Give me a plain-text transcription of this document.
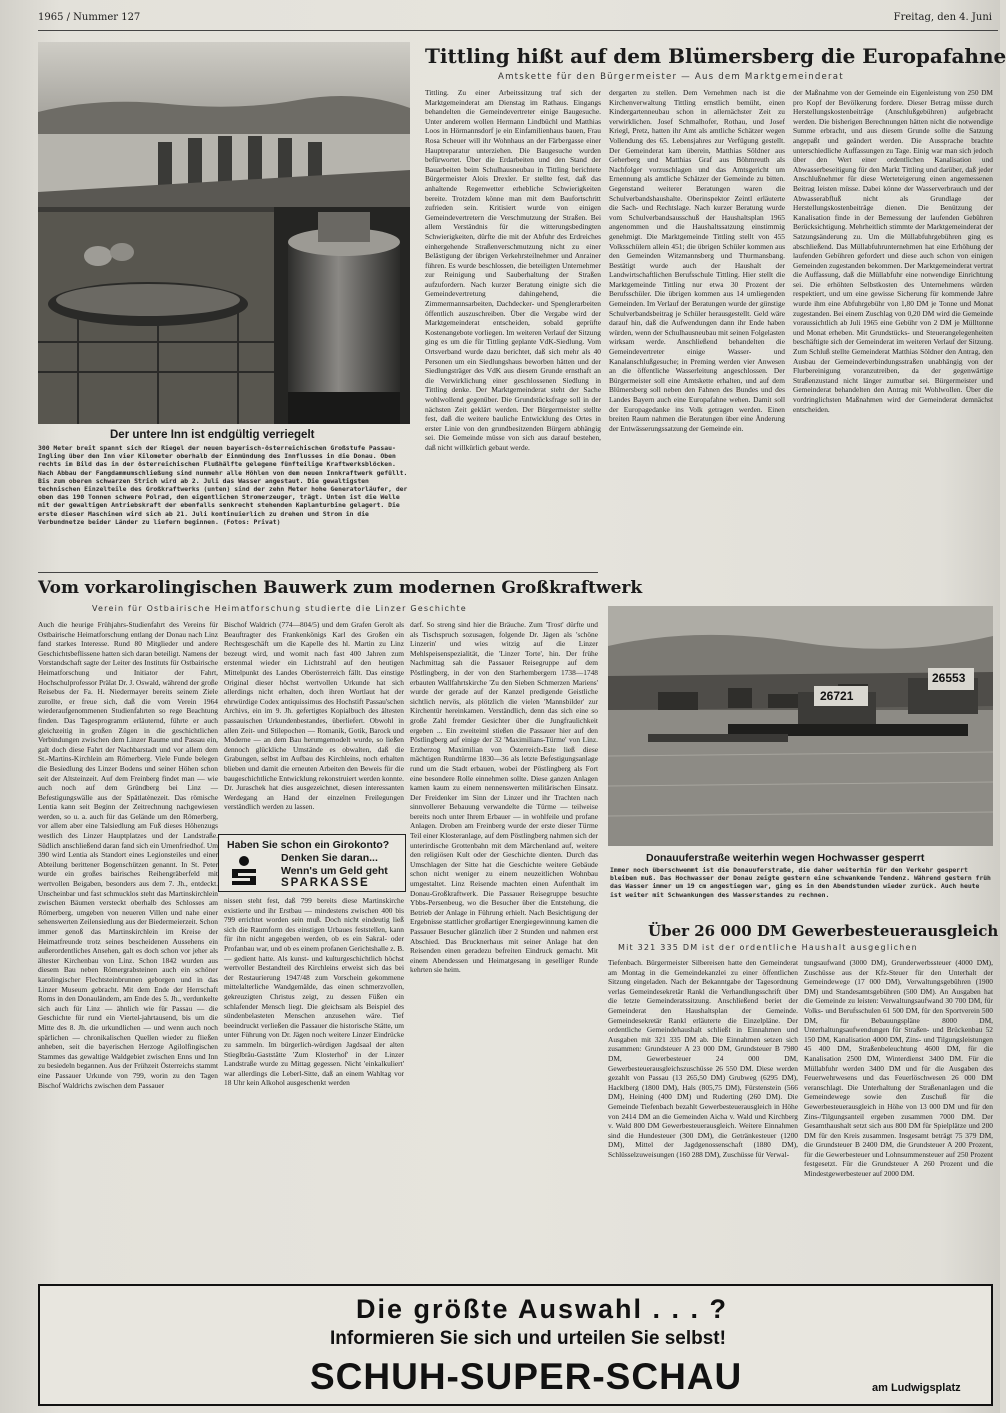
1965 / Nummer 127	Freitag, den 4. Juni
Der untere Inn ist endgültig verriegelt
300 Meter breit spannt sich der Riegel der neuen bayerisch-österreichischen Großstufe Passau-Ingling über den Inn vier Kilometer oberhalb der Einmündung des Innflusses in die Donau. Oben rechts im Bild das in der österreichischen Flußhälfte gelegene fünfteilige Kraftwerksblöcken. Nach Abbau der Fangdammumschließung sind nunmehr alle Höhlen von dem neuen Innkraftwerk gefüllt. Bis zum oberen schwarzen Strich wird ab 2. Juli das Wasser angestaut. Die gewaltigsten technischen Einzelteile des Großkraftwerks (unten) sind der zehn Meter hohe Generatorläufer, der oben das 190 Tonnen schwere Polrad, den eigentlichen Stromerzeuger, trägt. Unten ist die Welle mit der gewaltigen Antriebskraft der ebenfalls senkrecht stehenden Kaplanturbine gelagert. Die erste dieser Maschinen wird sich ab 21. Juli kontinuierlich zu drehen und Strom in die Verbundnetze beider Länder zu liefern beginnen. (Fotos: Privat)
Tittling hißt auf dem Blümersberg die Europafahne
Amtskette für den Bürgermeister — Aus dem Marktgemeinderat
Tittling. Zu einer Arbeitssitzung traf sich der Marktgemeinderat am Dienstag im Rathaus. Eingangs behandelten die Gemeindevertreter einige Baugesuche. Unter anderem wollen Hermann Lindbüchl und Matthias Loos in Hörmannsdorf je ein Einfamilienhaus bauen, Frau Rosa Scheuer will ihr Wohnhaus an der Färbergasse einer Hauptreparatur unterziehen. Die Baugesuche wurden befürwortet. Über die Erdarbeiten und den Stand der Bauarbeiten beim Schulhausneubau in Tittling berichtete Bürgermeister Alois Drexler. Er stellte fest, daß das anhaltende Regenwetter erhebliche Schwierigkeiten bereite. Trotzdem könne man mit dem Baufortschritt zufrieden sein. Kritisiert wurde von einigen Gemeindevertretern die Verschmutzung der Straßen. Bei allem Verständnis für die witterungsbedingten Schwierigkeiten, dürfte die mit der Abfuhr des Erdreiches einhergehende Straßenverschmutzung nicht zu einer Belästigung der übrigen Verkehrsteilnehmer und Anrainer führen. Es wurde beschlossen, die beteiligten Unternehmer zur Reinigung und Sauberhaltung der Straßen aufzufordern. Nach kurzer Beratung einigte sich die Gemeindevertretung dahingehend, die Zimmermannsarbeiten, Dachdecker- und Spenglerarbeiten öffentlich auszuschreiben. Über die Vergabe wird der Marktgemeinderat entscheiden, sobald geprüfte Kostenangebote vorliegen. Im weiteren Verlauf der Sitzung ging es um die für Tittling geplante VdK-Siedlung. Vom Ortsverband wurde dazu berichtet, daß sich mehr als 40 Personen um ein Siedlungshaus beworben hätten und der Siedlungsträger des VdK aus diesem Grunde ernsthaft an die Verwirklichung einer geschlossenen Siedlung in Tittling denke. Der Marktgemeinderat steht der Sache wohlwollend gegenüber. Die Grundstücksfrage soll in der nächsten Zeit geklärt werden. Der Bürgermeister stellte fest, daß die weitere bauliche Entwicklung des Ortes in erster Linie von den grundbesitzenden Bürgern abhängig sei. Die Gemeinde müsse von sich aus darauf bestehen, daß nicht willkürlich gebaut werde.
dergarten zu stellen. Dem Vernehmen nach ist die Kirchenverwaltung Tittling ernstlich bemüht, einen Kindergartenneubau schon in allernächster Zeit zu verwirklichen. Josef Schmalhofer, Rothau, und Josef Kriegl, Pretz, hatten ihr Amt als amtliche Schätzer wegen Vollendung des 65. Lebensjahres zur Verfügung gestellt. Der Gemeinderat kam überein, Matthias Söldner aus Geherberg und Matthias Graf aus Böhmreuth als Nachfolger vorzuschlagen und das Amtsgericht um Ernennung als amtliche Schätzer der Gemeinde zu bitten. Gegenstand weiterer Beratungen waren die Schulverbandshaushalte. Oberinspektor Zeintl erläuterte die Sach- und Rechtslage. Nach kurzer Beratung wurde vom Schulverbandsausschuß der Haushaltsplan 1965 angenommen und die Haushaltssatzung einstimmig genehmigt. Die Marktgemeinde Tittling stellt von 455 Volksschülern allein 451; die übrigen Schüler kommen aus den Gemeinden Witzmannsberg und Thurmansbang. Bestätigt wurde auch der Haushalt der Landwirtschaftlichen Berufsschule Tittling. Hier stellt die Marktgemeinde Tittling nur etwa 30 Prozent der Berufsschüler. Die übrigen kommen aus 14 umliegenden Gemeinden. Im Verlauf der Beratungen wurde der günstige Schulverbandsbeitrag je Schüler herausgestellt. Geld wäre darauf hin, daß die Aufwendungen dann ihr Ende haben würden, wenn der Schulhausneubau mit seinen Folgelasten wirksam werde. Anschließend behandelten die Gemeindevertreter einige Wasser- und Kanalanschlußgesuche; in Preming werden vier Anwesen an die öffentliche Wasserleitung angeschlossen. Der Bürgermeister soll eine Amtskette erhalten, und auf dem Blümersberg soll neben den Fahnen des Bundes und des Landes Bayern auch eine Europafahne wehen. Damit soll der Europagedanke ins Volk getragen werden. Einen breiten Raum nahmen die Beratungen über eine Änderung der Entwässerungssatzung der Gemeinde ein.
der Maßnahme von der Gemeinde ein Eigenleistung von 250 DM pro Kopf der Bevölkerung fordere. Dieser Betrag müsse durch Herstellungskostenbeiträge (Anschlußgebühren) aufgebracht werden. Die bisherigen Berechnungen hätten nicht die notwendige Summe erbracht, und aus diesem Grunde sollte die Satzung angepaßt und geändert werden. Die Aussprache brachte unterschiedliche Auffassungen zu Tage. Einig war man sich jedoch über den Wert einer ordentlichen Kanalisation und Abwasserbeseitigung für den Markt Tittling und darüber, daß jeder Anschlußnehmer für diese Werteteigerung einen angemessenen Beitrag leisten müsse. Dabei könne der Wasserverbrauch und der Abwasserabfluß nicht als Grundlage der Herstellungskostenbeiträge dienen. Die Benützung der Kanalisation finde in der Bemessung der laufenden Gebühren Berücksichtigung. Mehrheitlich stimmte der Marktgemeinderat der Satzungsänderung zu. Um die Müllabfuhrgebühren ging es abschließend. Das Müllabfuhrunternehmen hat eine Erhöhung der laufenden Gebühren gefordert und diese auch schon von einigen Gemeinden zugestanden bekommen. Der Marktgemeinderat vertrat die Auffassung, daß die Müllabfuhr eine notwendige Einrichtung sei. Die erhöhten Selbstkosten des Unternehmens würden respektiert, und um eine gewisse Sicherung für kommende Jahre wurde ihm eine Abfuhrgebühr von 1,80 DM je Tonne und Monat zugestanden. Bei einem Zuschlag von 0,20 DM wird die Gemeinde voraussichtlich ab Juli 1965 eine Gebühr von 2 DM je Mülltonne und Monat erheben. Mit Grundstücks- und Steuerangelegenheiten beschäftigte sich der Gemeinderat im weiteren Verlauf der Sitzung. Zum Schluß stellte Gemeinderat Matthias Söldner den Antrag, den Ausbau der Gemeindeverbindungsstraßen unabhängig von der Flurbereinigung voranzutreiben, da der gegenwärtige Straßenzustand nicht länger zumutbar sei. Bürgermeister und Gemeinderat behandelten den Antrag mit Wohlwollen. Über die vordringlichsten Maßnahmen wird der Gemeinderat demnächst entscheiden.
Vom vorkarolingischen Bauwerk zum modernen Großkraftwerk
Verein für Ostbairische Heimatforschung studierte die Linzer Geschichte
Auch die heurige Frühjahrs-Studienfahrt des Vereins für Ostbairische Heimatforschung entlang der Donau nach Linz fand starkes Interesse. Rund 80 Mitglieder und andere Geschichtsbeflissene hatten sich daran beteiligt. Namens der Vorstandschaft sagte der Leiter des Instituts für Ostbairische Heimatforschung und Initiator der Fahrt, Hochschulprofessor Prälat Dr. J. Oswald, während der große Reisebus der Fa. H. Niedermayer bereits seinem Ziele zurollte, er freue sich, daß die vom Verein 1964 wiederaufgenommenen Studienfahrten so rege Beachtung finden. Das Tagesprogramm erläuternd, führte er auch gleichzeitig in großen Zügen in die geschichtlichen Verbindungen zwischen dem Linzer Raume und Passau ein, galt doch diese Fahrt der Nachbarstadt und vor allem dem St.-Martins-Kirchlein am Römerberg. Viele Funde belegen die Besiedlung des Linzer Bodens und seiner Höhen schon seit der Altsteinzeit. Auf dem Freinberg findet man — wie auch noch auf dem Gründberg bei Linz — Befestigungswälle aus der Spätlatènezeit. Das römische Lentia kann seit Beginn der Zeitrechnung nachgewiesen werden, so u. a. auch für das Gelände um den Römerberg, vor allem aber eine Talsiedlung am Fuß dieses Höhenzugs westlich des Linzer Hauptplatzes und der Landstraße. Südlich anschließend daran fand sich ein Urnenfriedhof. Um 390 wird Lentia als Standort eines Legionsteiles und einer Abteilung berittener Bogenschützen genannt. In St. Peter wurde ein großes bairisches Reihengräberfeld mit wertvollen Beigaben, besonders aus dem 7. Jh., entdeckt. Unscheinbar und fast schmucklos steht das Martinskirchlein zwischen Bäumen versteckt oberhalb des Schlosses am Römerberg, umgeben von neueren Villen und nahe einer sehenswerten Zeilensiedlung aus der Biedermeierzeit. Schon immer genoß das Martinskirchlein im Kreise der Heimatfreunde trotz seines bescheidenen Aussehens ein außerordentliches Ansehen, galt es doch schon vor jeher als ältester Kirchenbau von Linz. Schon 1842 wurden aus diesem Bau neben Römergrabsteinen auch ein schöner karolingischer Flechtsteinbrunnen geborgen und in das Linzer Museum gebracht. Mit dem Ende der Herrschaft Roms in den Donauländern, am Ende des 5. Jh., verdunkelte sich auch für Linz — ähnlich wie für Passau — die Geschichte für rund ein Viertel-jahrtausend, bis um die Mitte des 8. Jh. die urkundlichen — und wenn auch noch spärlichen — chronikalischen Quellen wieder zu fließen anheben, seit die bayerischen Herzoge Agilolfingischen Stammes das gewaltige Waldgebiet zwischen Enns und Inn zu besiedeln begannen. Aus der Frühzeit Österreichs stammt eine Passauer Urkunde von 799, worin zu den Tagen Bischof Waldrichs zwischen dem Passauer
Bischof Waldrich (774—804/5) und dem Grafen Gerolt als Beauftragter des Frankenkönigs Karl des Großen ein Rechtsgeschäft um die Kapelle des hl. Martin zu Linz bezeugt wird, und womit nach fast 400 Jahren zum erstenmal wieder ein Lichtstrahl auf den heutigen Mittelpunkt des Landes Oberösterreich fällt. Das einstige Original dieser höchst wertvollen Urkunde hat sich allerdings nicht erhalten, doch ihren Wortlaut hat der ehrwürdige Codex antiquissimus des Hochstift Passau'schen Archivs, ein im 9. Jh. gefertigtes Kopialbuch des ältesten passauischen Urkundenbestandes, überliefert. Obwohl in allen Zeit- und Stilepochen — Romanik, Gotik, Barock und Moderne — an dem Bau herumgemodelt wurde, so ließen dennoch glückliche Umstände es obwalten, daß die Grabungen, selbst im Aufbau des Kirchleins, noch erhalten blieben und damit die erneuten Arbeiten den Beweis für die baugeschichtliche Entwicklung rekonstruiert werden konnte. Dr. Juraschek hat dies ausgezeichnet, diesen interessanten Werdegang an Hand der einzelnen Freilegungen verständlich werden zu lassen.
Haben Sie schon ein Girokonto?
Denken Sie daran...
Wenn's um Geld geht
SPARKASSE
nissen steht fest, daß 799 bereits diese Martinskirche existierte und ihr Erstbau — mindestens zwischen 400 bis 799 errichtet worden sein muß. Doch nicht eindeutig ließ sich die Raumform des einstigen Urbaues feststellen, kann für ihn nicht angegeben werden, ob es ein Sakral- oder Profanbau war, und ob es einem profanen Gerichtshalle z. B. — gedient hatte. Als kunst- und kulturgeschichtlich höchst wertvoller Bestandteil des Kirchleins erweist sich das bei der Restaurierung 1947/48 zum Vorschein gekommene mittelalterliche Wandgemälde, das einen schmerzvollen, gekreuzigten Christus zeigt, zu dessen Füßen ein schlafender Mensch liegt. Die gleichsam als Beispiel des sündenbelasteten Menschen anzusehen wäre. Tief beeindruckt verließen die Passauer die historische Stätte, um unter Führung von Dr. Jägen noch weitere Linzer Eindrücke zu sammeln. Im bürgerlich-würdigen Jagdsaal der alten Stieglbräu-Gaststätte 'Zum Klosterhof' in der Linzer Landstraße wurde zu Mittag gegessen. Nicht 'einkalkuliert' war allerdings die Leberl-Sitte, daß an einem Wahltag vor 18 Uhr kein Alkohol ausgeschenkt werden
darf. So streng sind hier die Bräuche. Zum 'Trost' dürfte und als Tischspruch sozusagen, folgende Dr. Jägen als 'schöne Linzerin' und wies witzig auf die Linzer Mehlspeisenspezialität, die 'Linzer Torte', hin. Der frühe Nachmittag sah die Passauer Reisegruppe auf dem Pöstlingberg, in der von den Starhembergern 1738—1748 erbauten Wallfahrtskirche 'Zu den Sieben Schmerzen Mariens' wurde der gerade auf der Kanzel predigende Geistliche sichtlich nervös, als plötzlich die vielen 'Mannsbilder' zur Kirchentür hereinkamen. Verständlich, denn das sich eine so große Zahl fremder Gesichter über die Jungfraulichkeit ergeben ... Ein zweiteiml stießen die Passauer hier auf den Pöstlingberg auf einige der 32 'Maximilians-Türme' von Linz. Erzherzog Maximilian von Österreich-Este ließ diese mächtigen Rundtürme 1830—36 als letzte Befestigungsanlage rund um die Stadt erbauen, wobei der Pöstlingberg als Fort eine besondere Rolle einnehmen sollte. Diese ganzen Anlagen kamen kaum zu einem nennenswerten militärischen Einsatz. Der Freidenker im Sinn der Linzer und ihr Trachten nach sinnvollerer Bebauung verwandelte die Türme — teilweise bereits noch unter Ihrem Erbauer — in wohlfeile und profane Anlagen. Droben am Freinberg wurde der erste dieser Türme Teil einer Klosteranlage, auf dem Pöstlingberg nahmen sich der unterirdische Grottenbahn mit dem Märchenland auf, weitere den religiösen Kult oder der Geschichte dienten. Durch das Umschlagen der Sitte hat die Geschichte weitere Gebäude schon nicht weniger zu einem neuzeitlichen Wohnbau umgestaltet. Linz Reisende machten einen Aufenthalt im Donau-Großkraftwerk. Die Passauer Reisegruppe besuchte Ybbs-Persenbeug, wo die Besucher über die Entstehung, die Betrieb der Anlage in Führung erhielt. Nach Besichtigung der Ergebnisse stattlicher großartiger Energiegewinnung kamen die Passauer Besucher glänzlich über 2 Stunden und nahmen erst Abschied. Das Brucknerhaus mit seiner Anlage hat den Reisenden einen geradezu befreiten Eindruck gemacht. Mit einem Abendessen und Heimatgesang in geselliger Runde kehrten sie heim.
26721
26553
Donauuferstraße weiterhin wegen Hochwasser gesperrt
Immer noch überschwemmt ist die Donauuferstraße, die daher weiterhin für den Verkehr gesperrt bleiben muß. Das Hochwasser der Donau zeigte gestern eine schwankende Tendenz. Während gestern früh das Wasser immer um 19 cm angestiegen war, ging es in den Abendstunden wieder zurück. Auch heute ist weiter mit Schwankungen des Wasserstandes zu rechnen.
Über 26 000 DM Gewerbesteuerausgleich
Mit 321 335 DM ist der ordentliche Haushalt ausgeglichen
Tiefenbach. Bürgermeister Silbereisen hatte den Gemeinderat am Montag in die Gemeindekanzlei zu einer öffentlichen Sitzung eingeladen. Nach der Bekanntgabe der Tagesordnung verlas Gemeindesekretär Rankl die Verhandlungsschrift über die letzte Gemeinderatssitzung. Anschließend beriet der Gemeinderat den Haushaltsplan der Gemeinde. Gemeindesekretär Rankl erläuterte die Einzelpläne. Der ordentliche Gemeindehaushalt schließt in Einnahmen und Ausgaben mit 321 335 DM ab. Die Einnahmen setzen sich zusammen: Grundsteuer A 23 000 DM, Grundsteuer B 7980 DM, Gewerbesteuer 24 000 DM, Gewerbesteuerausgleichszuschüsse 26 550 DM. Diese werden gezahlt von Passau (13 265,50 DM) Grubweg (6295 DM), Hacklberg (1800 DM), Hals (805,75 DM), Fürstenstein (566 DM), Heining (400 DM) und Ruderting (260 DM). Die Gemeinde Tiefenbach bezahlt Gewerbesteuerausgleich in Höhe von 2414 DM an die Gemeinden Aicha v. Wald und Kirchberg v. Wald 800 DM Gewerbesteuerausgleich. Weitere Einnahmen sind die Hundesteuer (300 DM), die Getränkesteuer (1200 DM), Mittel der Jagdgenossenschaft (1880 DM), Schlüsselzuweisungen (160 288 DM), Zuschüsse für Verwal-
tungsaufwand (3000 DM), Grunderwerbssteuer (4000 DM), Zuschüsse aus der Kfz-Steuer für den Unterhalt der Gemeindewege (17 000 DM), Verwaltungsgebühren (1900 DM) und Standesamtsgebühren (500 DM). An Ausgaben hat die Gemeinde zu leisten: Verwaltungsaufwand 30 700 DM, für Volks- und Berufsschulen 61 500 DM, für den Sportverein 500 DM, für Bebauungspläne 8000 DM, Unterhaltungsaufwendungen für Straßen- und Brückenbau 52 150 DM, Kanalisation 4000 DM, Zins- und Tilgungsleistungen 45 400 DM, Straßenbeleuchtung 4600 DM, für die Kanalisation 2500 DM, Winterdienst 3400 DM. Für die Müllabfuhr werden 3400 DM und für die Ausgaben des Feuerwehrwesens und das Feuerlöschwesen 26 000 DM veranschlagt. Die Unterhaltung der Straßenanlagen und die Gemeindewege sowie den Zuschuß für die Gewerbesteuerausgleich in Höhe von 13 000 DM und für den Zins-/Tilgungsanteil ergeben zusammen 7000 DM. Der Gesamthaushalt setzt sich aus 800 DM für Spielplätze und 200 DM für den Kreis zusammen. Insgesamt beträgt 75 379 DM, die Grundsteuer B 2400 DM, die Grundsteuer A 200 Prozent, für die Gewerbesteuer und Lohnsummensteuer auf 250 Prozent festgesetzt. Für die Grundsteuer A 260 Prozent und die Mindestgewerbesteuer auf 2000 DM.
Die größte Auswahl . . . ?
Informieren Sie sich und urteilen Sie selbst!
SCHUH-SUPER-SCHAU	am Ludwigsplatz
